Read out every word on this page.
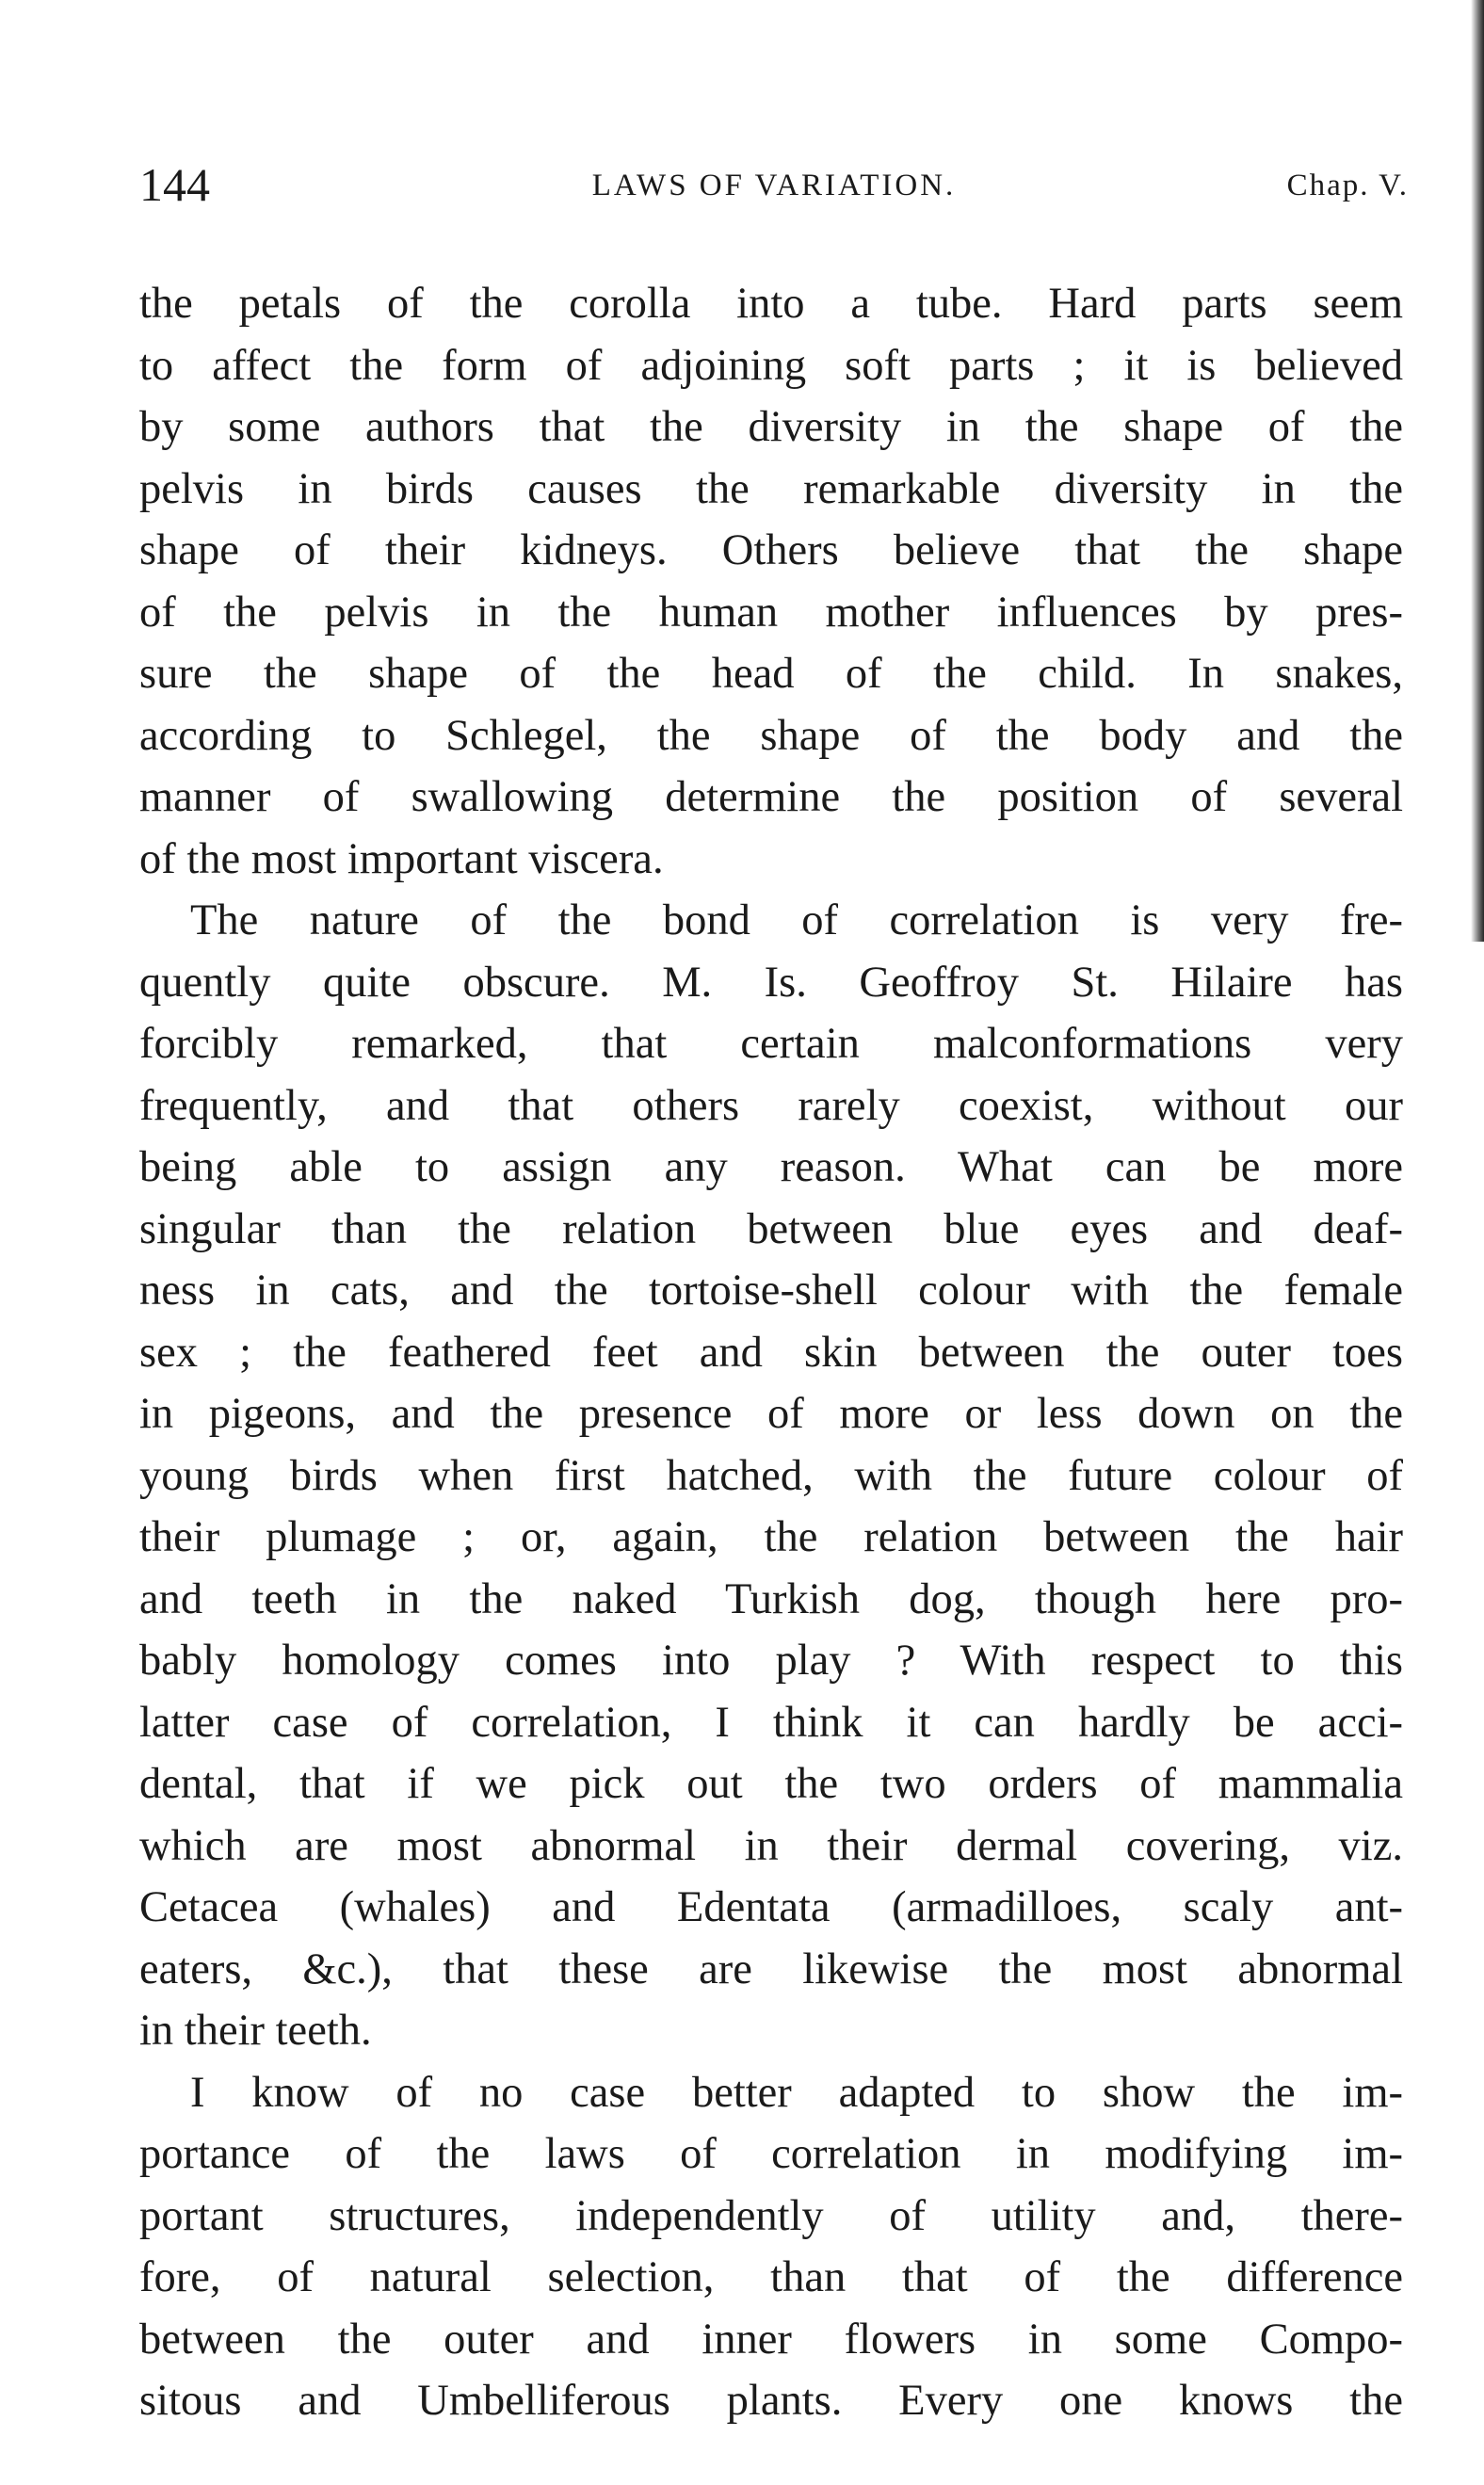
144	LAWS OF VARIATION.	Chap. V.

the petals of the corolla into a tube. Hard parts seem
to affect the form of adjoining soft parts ; it is believed
by some authors that the diversity in the shape of the
pelvis in birds causes the remarkable diversity in the
shape of their kidneys. Others believe that the shape
of the pelvis in the human mother influences by pres-
sure the shape of the head of the child. In snakes,
according to Schlegel, the shape of the body and the
manner of swallowing determine the position of several
of the most important viscera.

The nature of the bond of correlation is very fre-
quently quite obscure. M. Is. Geoffroy St. Hilaire has
forcibly remarked, that certain malconformations very
frequently, and that others rarely coexist, without our
being able to assign any reason. What can be more
singular than the relation between blue eyes and deaf-
ness in cats, and the tortoise-shell colour with the female
sex ; the feathered feet and skin between the outer toes
in pigeons, and the presence of more or less down on the
young birds when first hatched, with the future colour of
their plumage ; or, again, the relation between the hair
and teeth in the naked Turkish dog, though here pro-
bably homology comes into play ? With respect to this
latter case of correlation, I think it can hardly be acci-
dental, that if we pick out the two orders of mammalia
which are most abnormal in their dermal covering, viz.
Cetacea (whales) and Edentata (armadilloes, scaly ant-
eaters, &c.), that these are likewise the most abnormal
in their teeth.

I know of no case better adapted to show the im-
portance of the laws of correlation in modifying im-
portant structures, independently of utility and, there-
fore, of natural selection, than that of the difference
between the outer and inner flowers in some Compo-
sitous and Umbelliferous plants. Every one knows the
